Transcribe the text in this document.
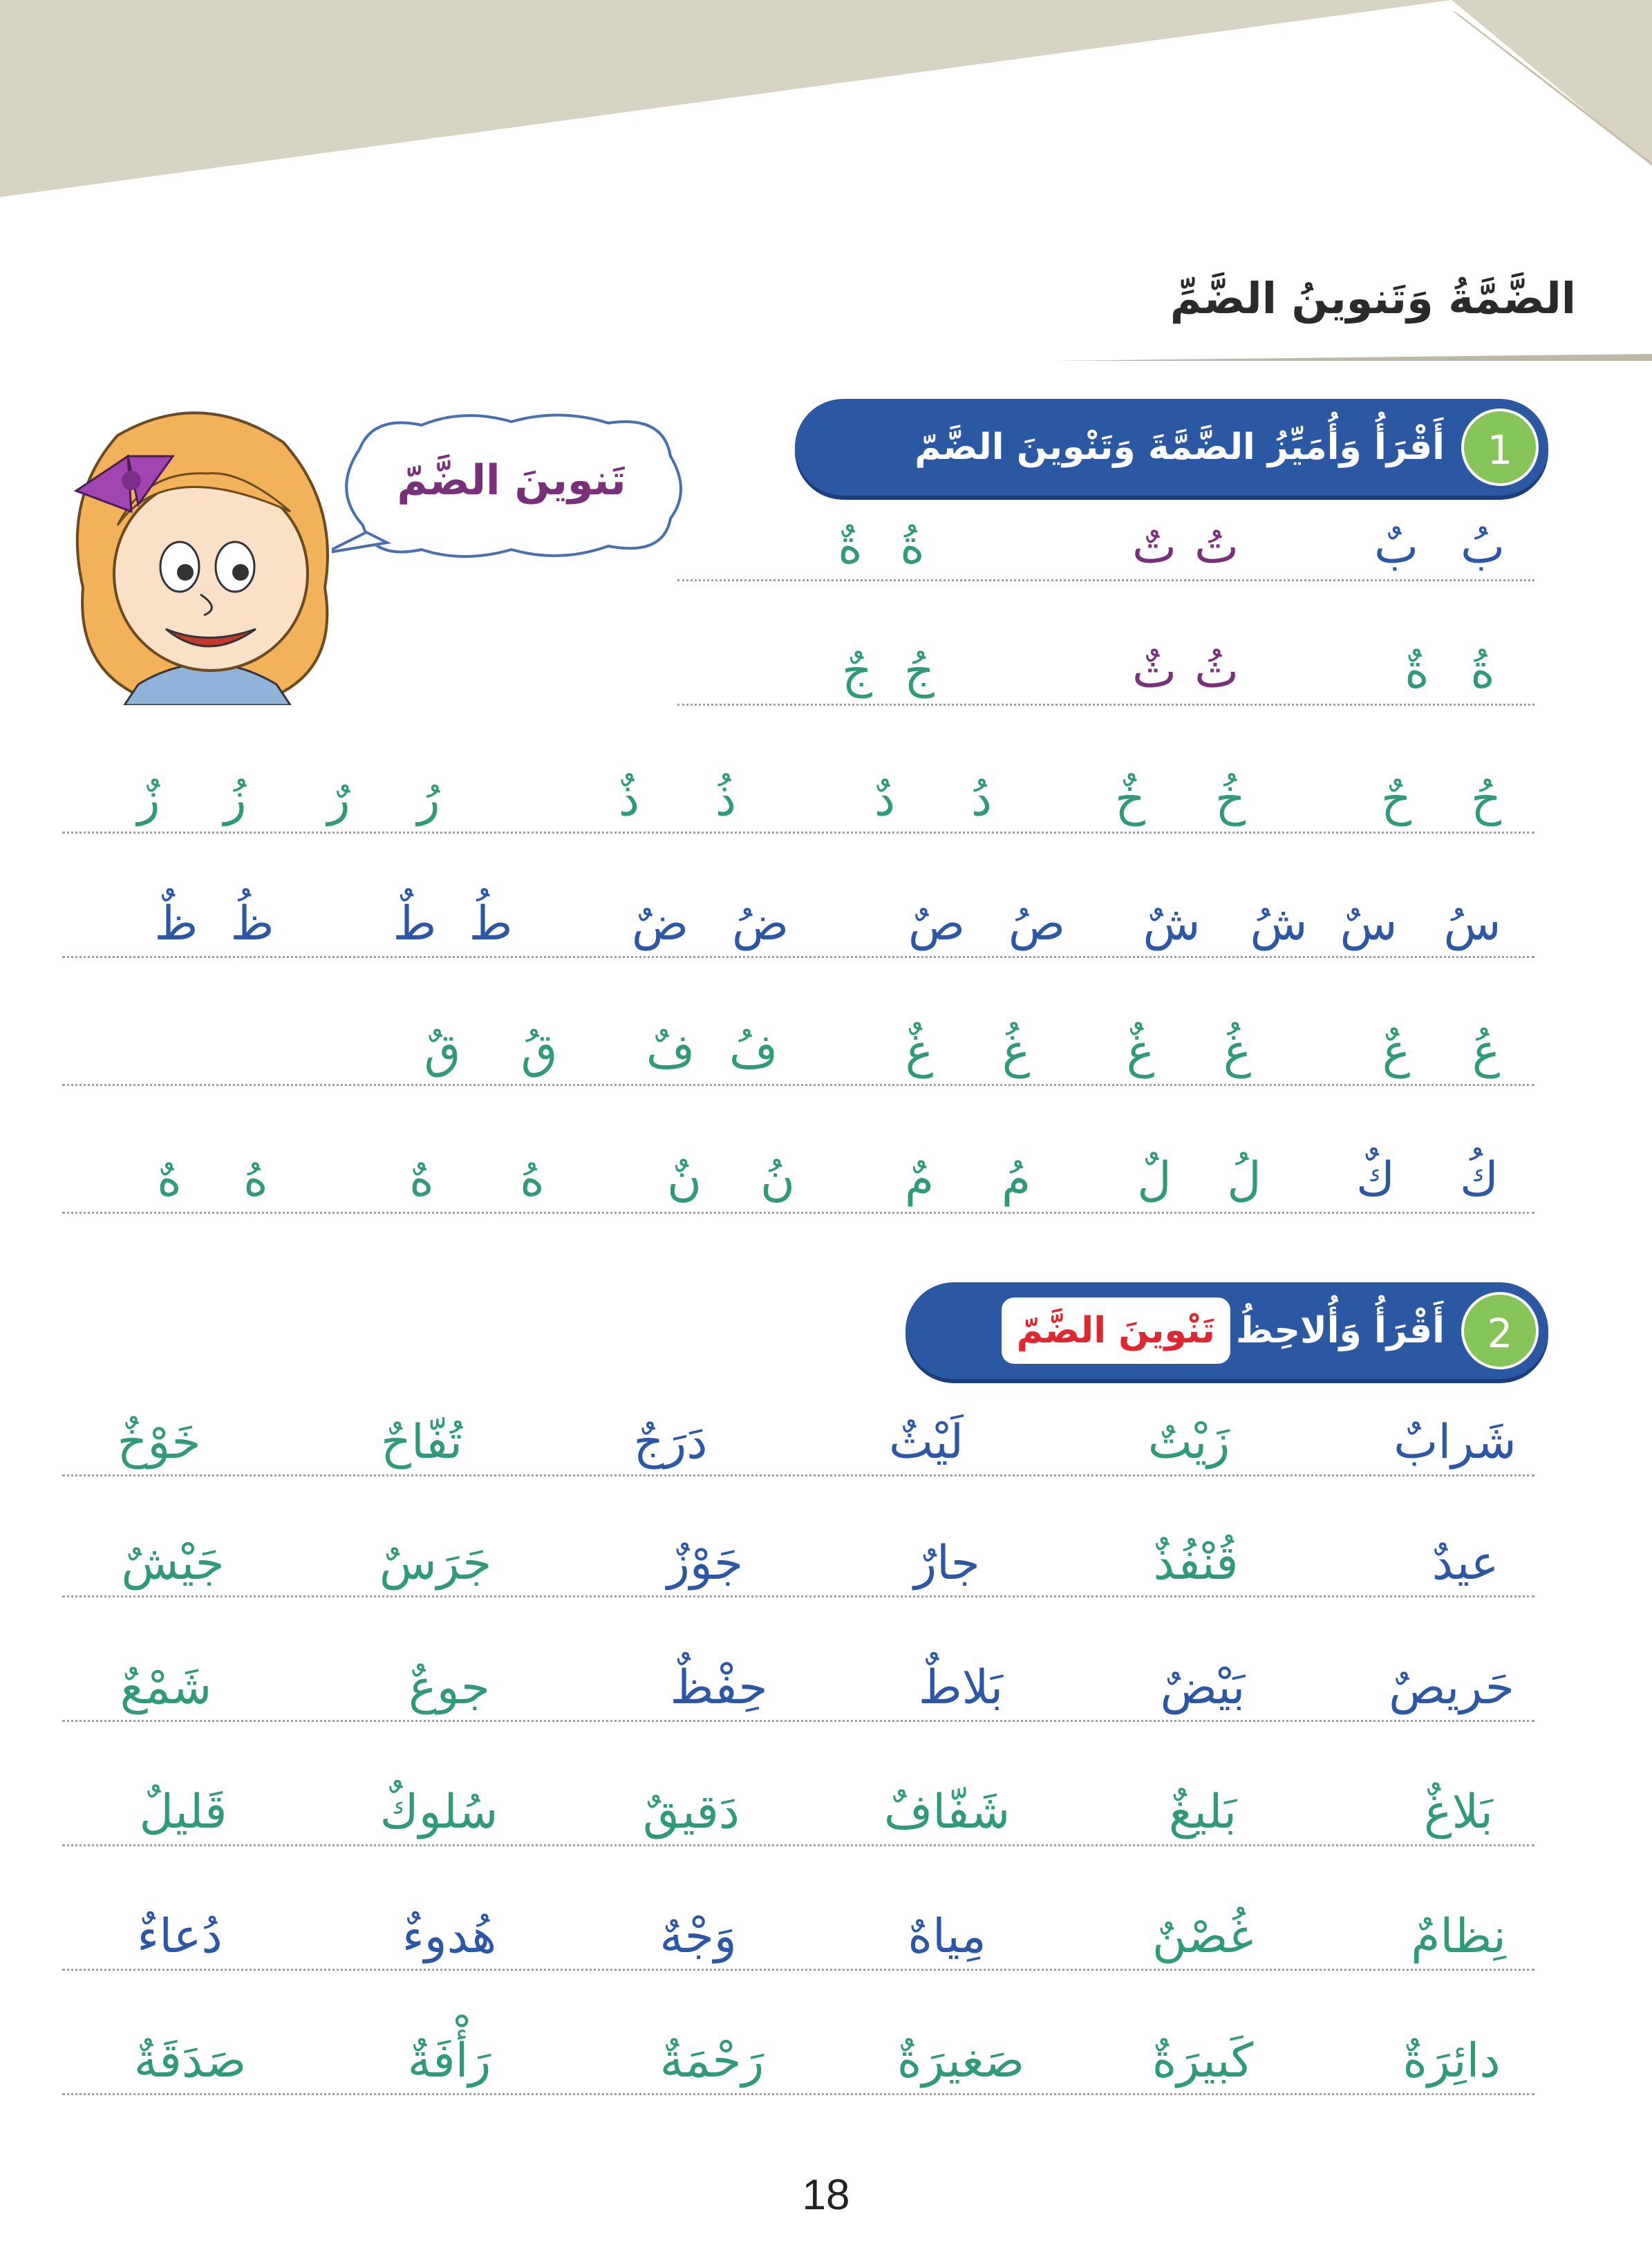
الضَّمَّةُ وَتَنوينُ الضَّمِّ
1
أَقْرَأُ وَأُمَيِّزُ الضَّمَّةَ وَتَنْوينَ الضَّمّ
تَنوينَ الضَّمّ
بُ
بٌ
تُ
تٌ
ةُ
ةٌ
ةُ
ةٌ
ثُ
ثٌ
جُ
جٌ
حُ
حٌ
خُ
خٌ
دُ
دٌ
ذُ
ذٌ
رُ
رٌ
زُ
زٌ
سُ
سٌ
شُ
شٌ
صُ
صٌ
ضُ
ضٌ
طُ
طٌ
ظُ
ظٌ
عُ
عٌ
غُ
غٌ
غُ
غٌ
فُ
فٌ
قُ
قٌ
كُ
كٌ
لُ
لٌ
مُ
مٌ
نُ
نٌ
هُ
هٌ
هُ
هٌ
2
أَقْرَأُ وَأُلاحِظُتَنْوينَ الضَّمّ
شَرابٌ
زَيْتٌ
لَيْثٌ
دَرَجٌ
تُفّاحٌ
خَوْخٌ
عيدٌ
قُنْفُذٌ
جارٌ
جَوْزٌ
جَرَسٌ
جَيْشٌ
حَريصٌ
بَيْضٌ
بَلاطٌ
حِفْظٌ
جوعٌ
شَمْعٌ
بَلاغٌ
بَليغٌ
شَفّافٌ
دَقيقٌ
سُلوكٌ
قَليلٌ
نِظامٌ
غُصْنٌ
مِياهٌ
وَجْهٌ
هُدوءٌ
دُعاءٌ
دائِرَةٌ
كَبيرَةٌ
صَغيرَةٌ
رَحْمَةٌ
رَأْفَةٌ
صَدَقَةٌ
18
